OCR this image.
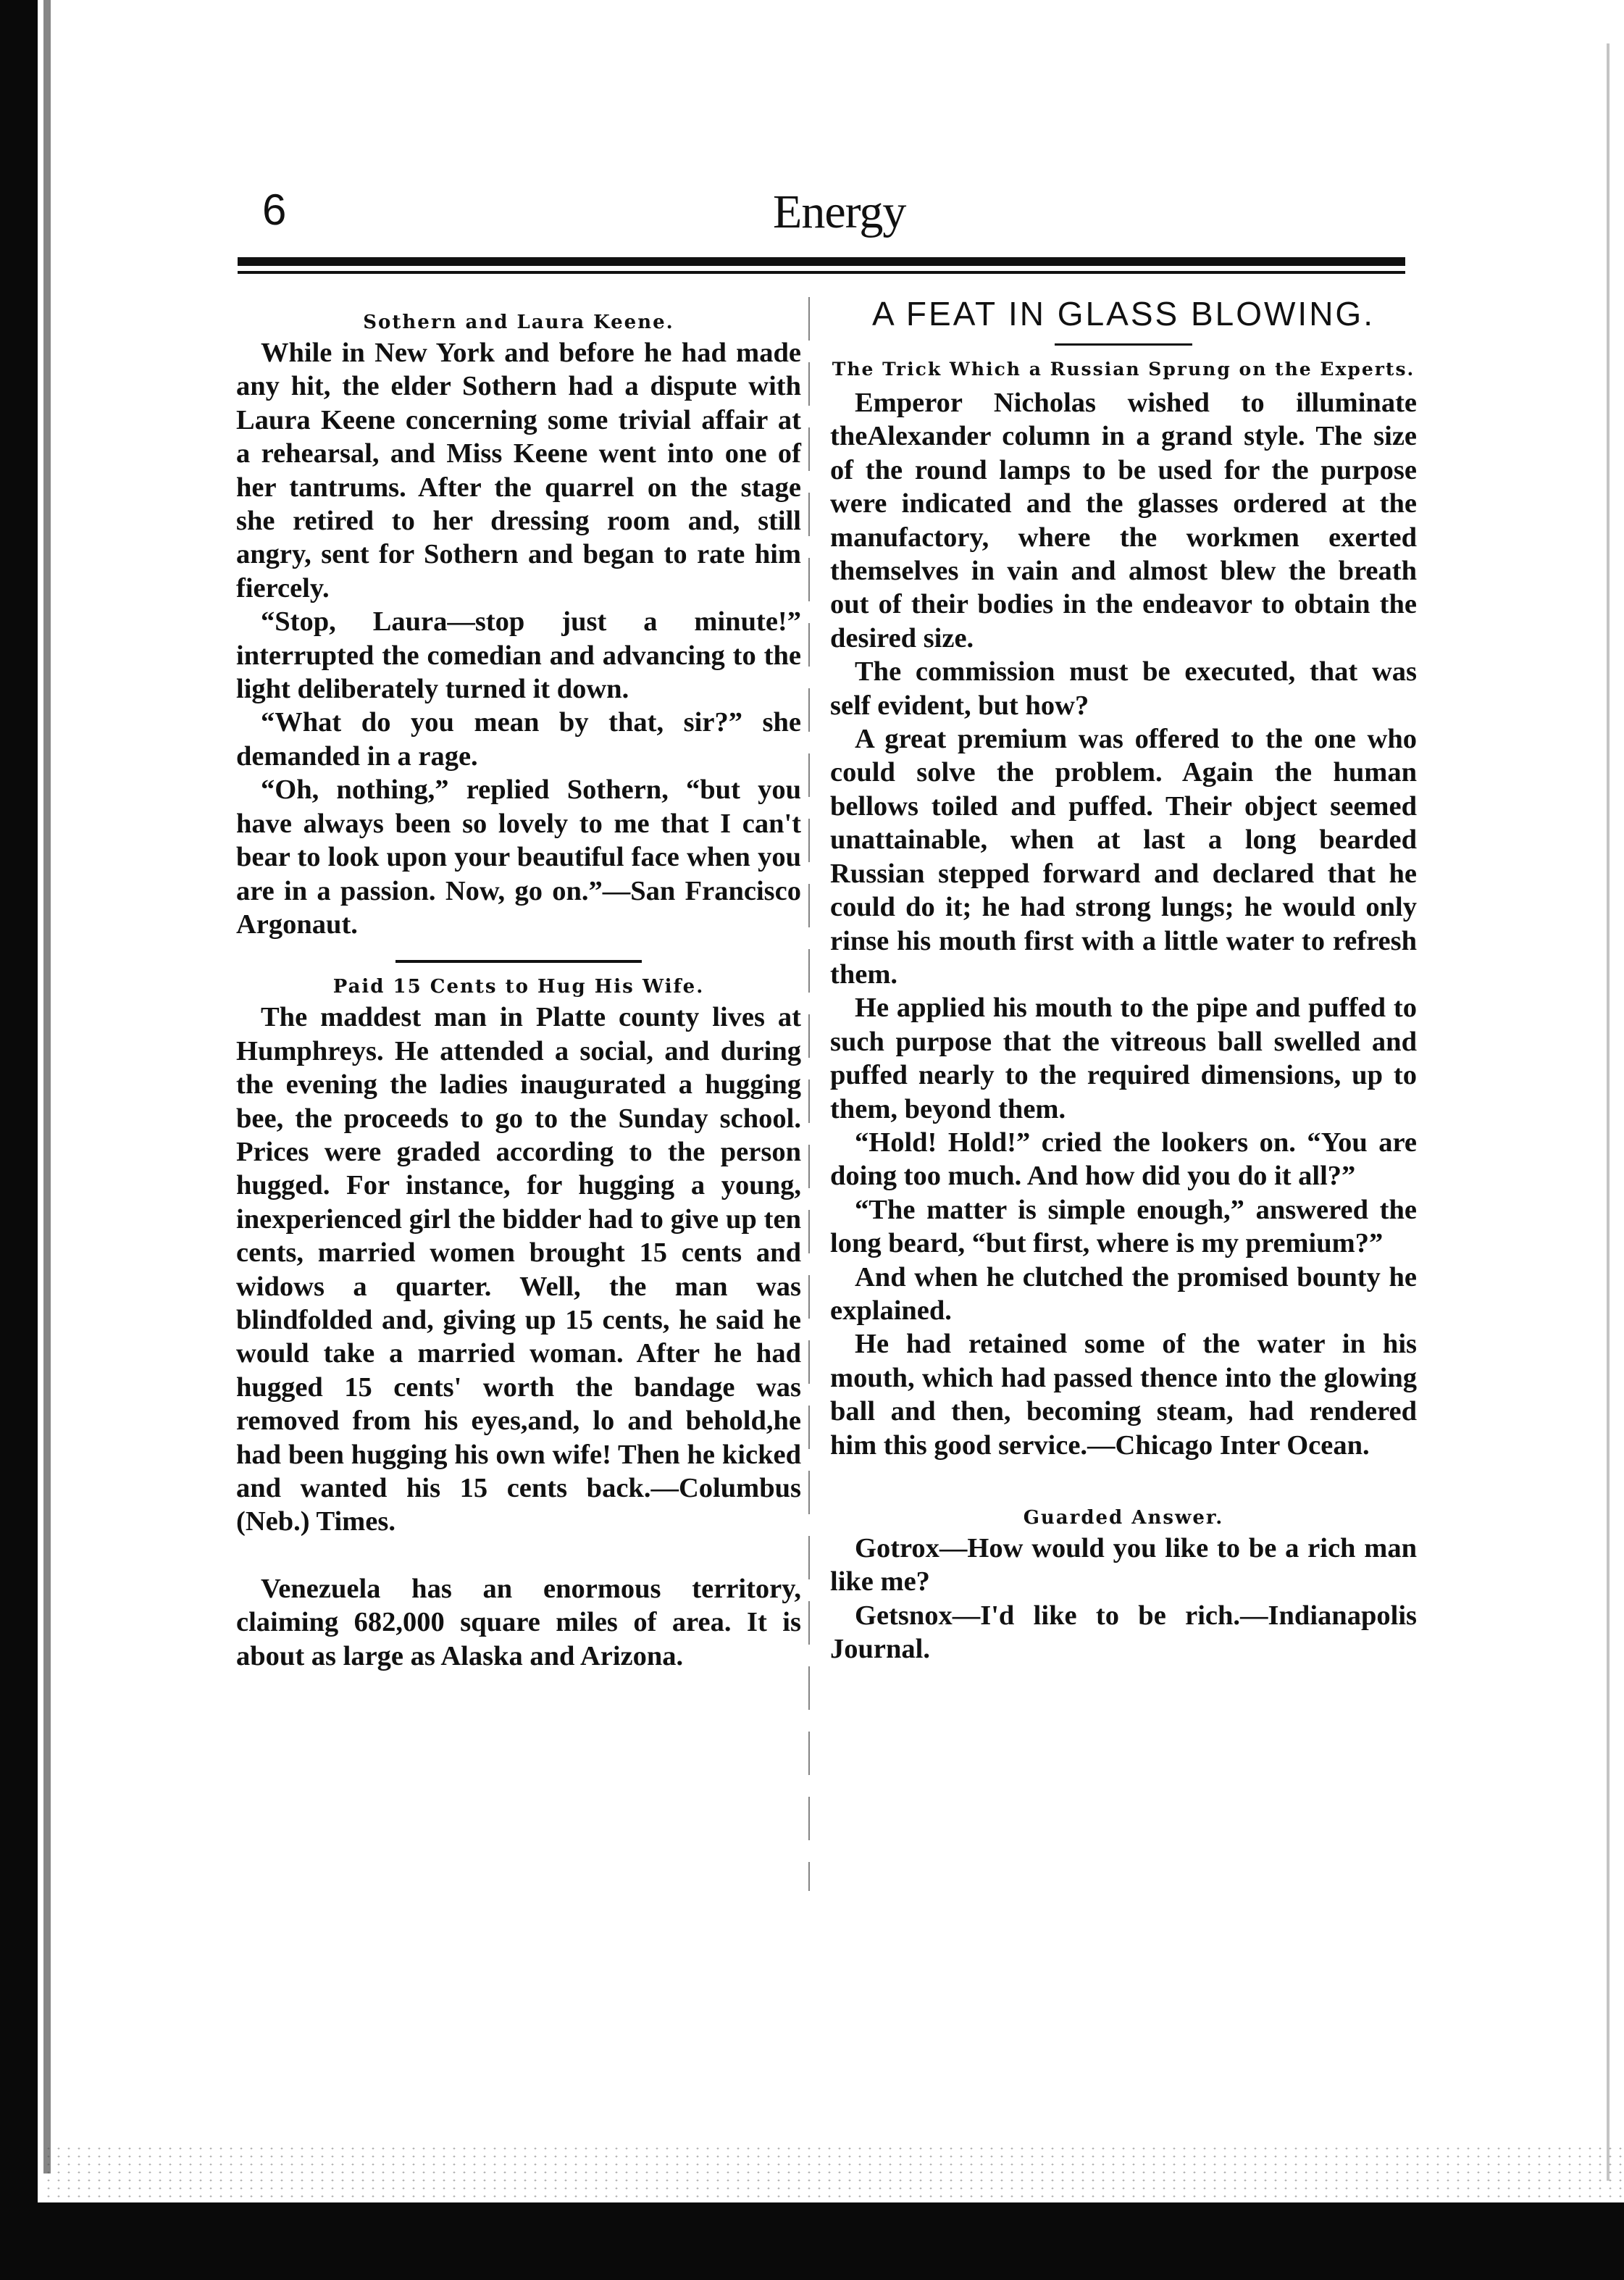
6	Energy
Sothern and Laura Keene.

While in New York and before he had made any hit, the elder Sothern had a dispute with Laura Keene concerning some trivial affair at a rehearsal, and Miss Keene went into one of her tantrums. After the quarrel on the stage she retired to her dressing room and, still angry, sent for Sothern and began to rate him fiercely.

“Stop, Laura—stop just a minute!” interrupted the comedian and advancing to the light deliberately turned it down.

“What do you mean by that, sir?” she demanded in a rage.

“Oh, nothing,” replied Sothern, “but you have always been so lovely to me that I can't bear to look upon your beautiful face when you are in a passion. Now, go on.”—San Francisco Argonaut.

Paid 15 Cents to Hug His Wife.

The maddest man in Platte county lives at Humphreys. He attended a social, and during the evening the ladies inaugurated a hugging bee, the proceeds to go to the Sunday school. Prices were graded according to the person hugged. For instance, for hugging a young, inexperienced girl the bidder had to give up ten cents, married women brought 15 cents and widows a quarter. Well, the man was blindfolded and, giving up 15 cents, he said he would take a married woman. After he had hugged 15 cents' worth the bandage was removed from his eyes,and, lo and behold,he had been hugging his own wife! Then he kicked and wanted his 15 cents back.—Columbus (Neb.) Times.

Venezuela has an enormous territory, claiming 682,000 square miles of area. It is about as large as Alaska and Arizona.

A FEAT IN GLASS BLOWING.
The Trick Which a Russian Sprung on the Experts.

Emperor Nicholas wished to illuminate theAlexander column in a grand style. The size of the round lamps to be used for the purpose were indicated and the glasses ordered at the manufactory, where the workmen exerted themselves in vain and almost blew the breath out of their bodies in the endeavor to obtain the desired size.

The commission must be executed, that was self evident, but how?

A great premium was offered to the one who could solve the problem. Again the human bellows toiled and puffed. Their object seemed unattainable, when at last a long bearded Russian stepped forward and declared that he could do it; he had strong lungs; he would only rinse his mouth first with a little water to refresh them.

He applied his mouth to the pipe and puffed to such purpose that the vitreous ball swelled and puffed nearly to the required dimensions, up to them, beyond them.

“Hold! Hold!” cried the lookers on. “You are doing too much. And how did you do it all?”

“The matter is simple enough,” answered the long beard, “but first, where is my premium?”

And when he clutched the promised bounty he explained.

He had retained some of the water in his mouth, which had passed thence into the glowing ball and then, becoming steam, had rendered him this good service.—Chicago Inter Ocean.

Guarded Answer.

Gotrox—How would you like to be a rich man like me?

Getsnox—I'd like to be rich.—Indianapolis Journal.
